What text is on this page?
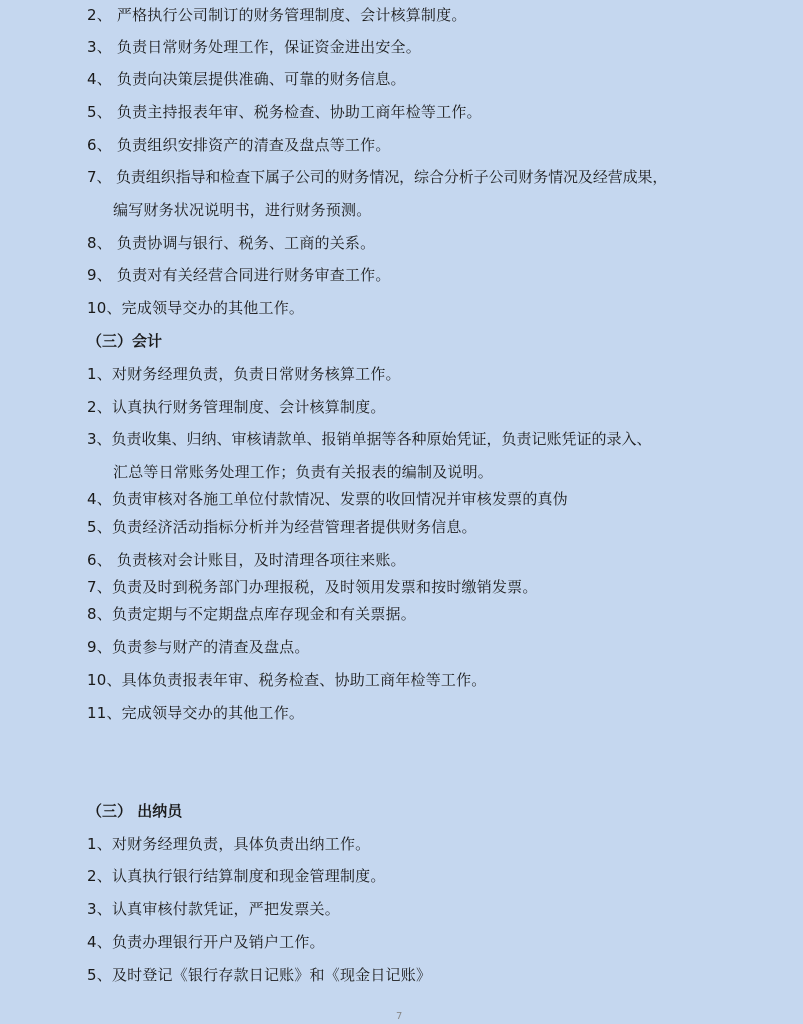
2、 严格执行公司制订的财务管理制度、会计核算制度。
3、 负责日常财务处理工作，保证资金进出安全。
4、 负责向决策层提供准确、可靠的财务信息。
5、 负责主持报表年审、税务检查、协助工商年检等工作。
6、 负责组织安排资产的清查及盘点等工作。
7、 负责组织指导和检查下属子公司的财务情况，综合分析子公司财务情况及经营成果，
编写财务状况说明书，进行财务预测。
8、 负责协调与银行、税务、工商的关系。
9、 负责对有关经营合同进行财务审查工作。
10、完成领导交办的其他工作。
（三）会计
1、对财务经理负责，负责日常财务核算工作。
2、认真执行财务管理制度、会计核算制度。
3、负责收集、归纳、审核请款单、报销单据等各种原始凭证，负责记账凭证的录入、
汇总等日常账务处理工作；负责有关报表的编制及说明。
4、负责审核对各施工单位付款情况、发票的收回情况并审核发票的真伪
5、负责经济活动指标分析并为经营管理者提供财务信息。
6、 负责核对会计账目，及时清理各项往来账。
7、负责及时到税务部门办理报税，及时领用发票和按时缴销发票。
8、负责定期与不定期盘点库存现金和有关票据。
9、负责参与财产的清查及盘点。
10、具体负责报表年审、税务检查、协助工商年检等工作。
11、完成领导交办的其他工作。
（三） 出纳员
1、对财务经理负责，具体负责出纳工作。
2、认真执行银行结算制度和现金管理制度。
3、认真审核付款凭证，严把发票关。
4、负责办理银行开户及销户工作。
5、及时登记《银行存款日记账》和《现金日记账》
7
